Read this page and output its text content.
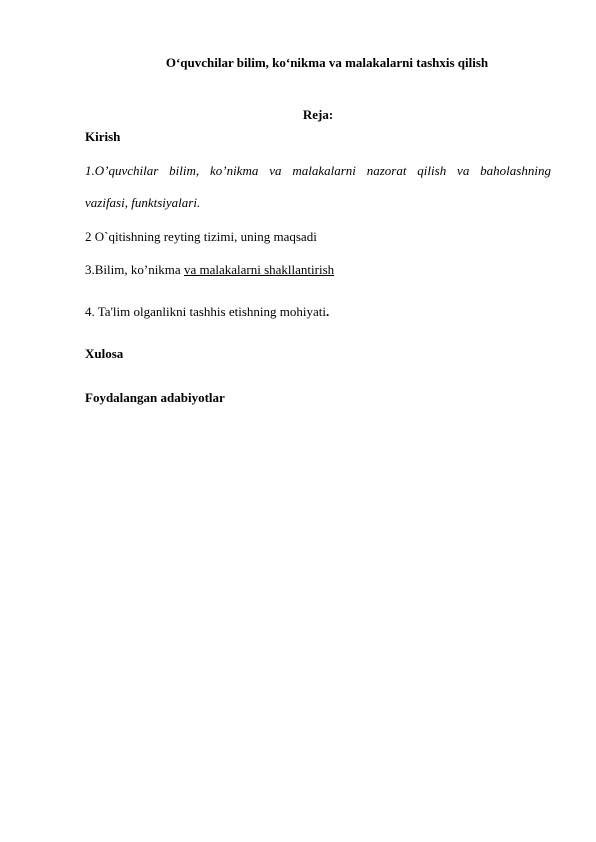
O‘quvchilar bilim, ko‘nikma va malakalarni tashxis qilish
Reja:
Kirish
1.O’quvchilar bilim, ko’nikma va malakalarni nazorat qilish va baholashning
vazifasi, funktsiyalari.
2 O`qitishning reyting tizimi, uning maqsadi
3.Bilim, ko’nikma va malakalarni shakllantirish
4. Ta'lim olganlikni tashhis etishning mohiyati.
Xulosa
Foydalangan adabiyotlar
